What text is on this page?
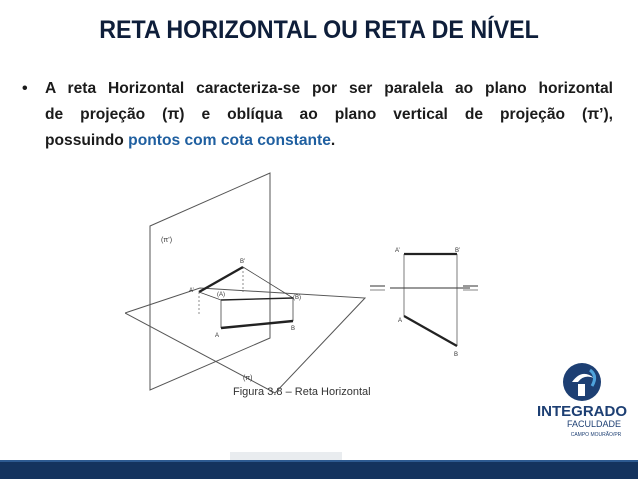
RETA HORIZONTAL OU RETA DE NÍVEL
• A reta Horizontal caracteriza-se por ser paralela ao plano horizontal
de projeção (π) e oblíqua ao plano vertical de projeção (π’),
possuindo pontos com cota constante.
(π’)
(π)
A’
B’
(A)	(B)
A
B
A’	B’
A
B
Figura 3.8 – Reta Horizontal
INTEGRADO
FACULDADE
CAMPO MOURÃO/PR
